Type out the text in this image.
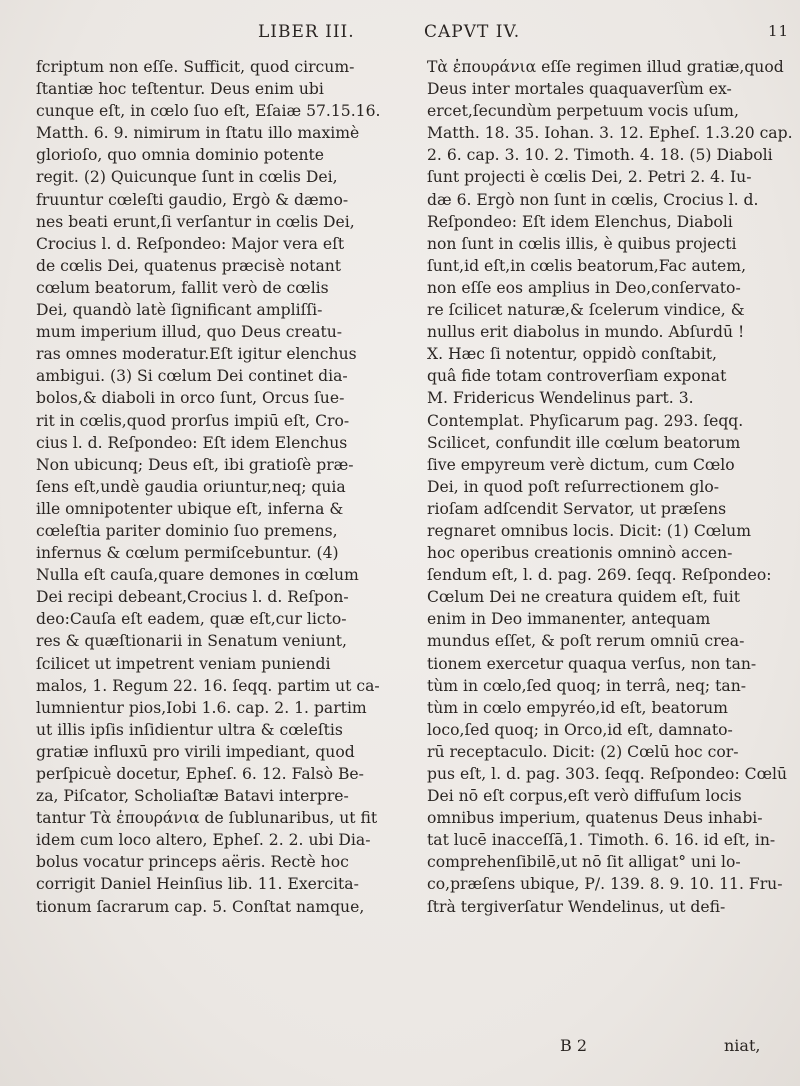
LIBER III.	CAPVT IV.	11
fcriptum non eſſe. Sufficit, quod circum-
ſtantiæ hoc teſtentur. Deus enim ubi
cunque eſt, in cœlo ſuo eſt, Eſaiæ 57.15.16.
Matth. 6. 9. nimirum in ſtatu illo maximè
glorioſo, quo omnia dominio potente
regit. (2) Quicunque ſunt in cœlis Dei,
fruuntur cœleſti gaudio, Ergò & dæmo-
nes beati erunt,ſi verſantur in cœlis Dei,
Crocius l. d. Reſpondeo: Major vera eſt
de cœlis Dei, quatenus præcisè notant
cœlum beatorum, fallit verò de cœlis
Dei, quandò latè ſignificant ampliſſi-
mum imperium illud, quo Deus creatu-
ras omnes moderatur.Eſt igitur elenchus
ambigui. (3) Si cœlum Dei continet dia-
bolos,& diaboli in orco ſunt, Orcus ſue-
rit in cœlis,quod prorſus impiū eſt, Cro-
cius l. d. Reſpondeo: Eſt idem Elenchus
Non ubicunq; Deus eſt, ibi gratioſè præ-
ſens eſt,undè gaudia oriuntur,neq; quia
ille omnipotenter ubique eſt, inferna &
cœleſtia pariter dominio ſuo premens,
infernus & cœlum permiſcebuntur. (4)
Nulla eſt cauſa,quare demones in cœlum
Dei recipi debeant,Crocius l. d. Reſpon-
deo:Cauſa eſt eadem, quæ eſt,cur licto-
res & quæſtionarii in Senatum veniunt,
ſcilicet ut impetrent veniam puniendi
malos, 1. Regum 22. 16. ſeqq. partim ut ca-
lumnientur pios,Iobi 1.6. cap. 2. 1. partim
ut illis ipſis inſidientur ultra & cœleſtis
gratiæ influxū pro virili impediant, quod
perſpicuè docetur, Epheſ. 6. 12. Falsò Be-
za, Piſcator, Scholiaſtæ Batavi interpre-
tantur Τὰ ἐπουράνια de ſublunaribus, ut fit
idem cum loco altero, Epheſ. 2. 2. ubi Dia-
bolus vocatur princeps aëris. Rectè hoc
corrigit Daniel Heinſius lib. 11. Exercita-
tionum ſacrarum cap. 5. Conſtat namque,
Τὰ ἐπουράνια eſſe regimen illud gratiæ,quod
Deus inter mortales quaquaverſùm ex-
ercet,ſecundùm perpetuum vocis uſum,
Matth. 18. 35. Iohan. 3. 12. Epheſ. 1.3.20 cap.
2. 6. cap. 3. 10. 2. Timoth. 4. 18. (5) Diaboli
ſunt projecti è cœlis Dei, 2. Petri 2. 4. Iu-
dæ 6. Ergò non ſunt in cœlis, Crocius l. d.
Reſpondeo: Eſt idem Elenchus, Diaboli
non ſunt in cœlis illis, è quibus projecti
ſunt,id eſt,in cœlis beatorum,Fac autem,
non eſſe eos amplius in Deo,conſervato-
re ſcilicet naturæ,& ſcelerum vindice, &
nullus erit diabolus in mundo. Abſurdū !
X. Hæc ſi notentur, oppidò conſtabit,
quâ fide totam controverſiam exponat
M. Fridericus Wendelinus part. 3.
Contemplat. Phyſicarum pag. 293. ſeqq.
Scilicet, confundit ille cœlum beatorum
ſive empyreum verè dictum, cum Cœlo
Dei, in quod poſt reſurrectionem glo-
rioſam adſcendit Servator, ut præſens
regnaret omnibus locis. Dicit: (1) Cœlum
hoc operibus creationis omninò accen-
ſendum eſt, l. d. pag. 269. ſeqq. Reſpondeo:
Cœlum Dei ne creatura quidem eſt, fuit
enim in Deo immanenter, antequam
mundus eſſet, & poſt rerum omniū crea-
tionem exercetur quaqua verſus, non tan-
tùm in cœlo,ſed quoq; in terrâ, neq; tan-
tùm in cœlo empyréo,id eſt, beatorum
loco,ſed quoq; in Orco,id eſt, damnato-
rū receptaculo. Dicit: (2) Cœlū hoc cor-
pus eſt, l. d. pag. 303. ſeqq. Reſpondeo: Cœlū
Dei nō eſt corpus,eſt verò diffuſum locis
omnibus imperium, quatenus Deus inhabi-
tat lucē inacceſſā,1. Timoth. 6. 16. id eſt, in-
comprehenſibilē,ut nō ſit alligat° uni lo-
co,præſens ubique, P/. 139. 8. 9. 10. 11. Fru-
ſtrà tergiverſatur Wendelinus, ut defi-
B 2	niat,
